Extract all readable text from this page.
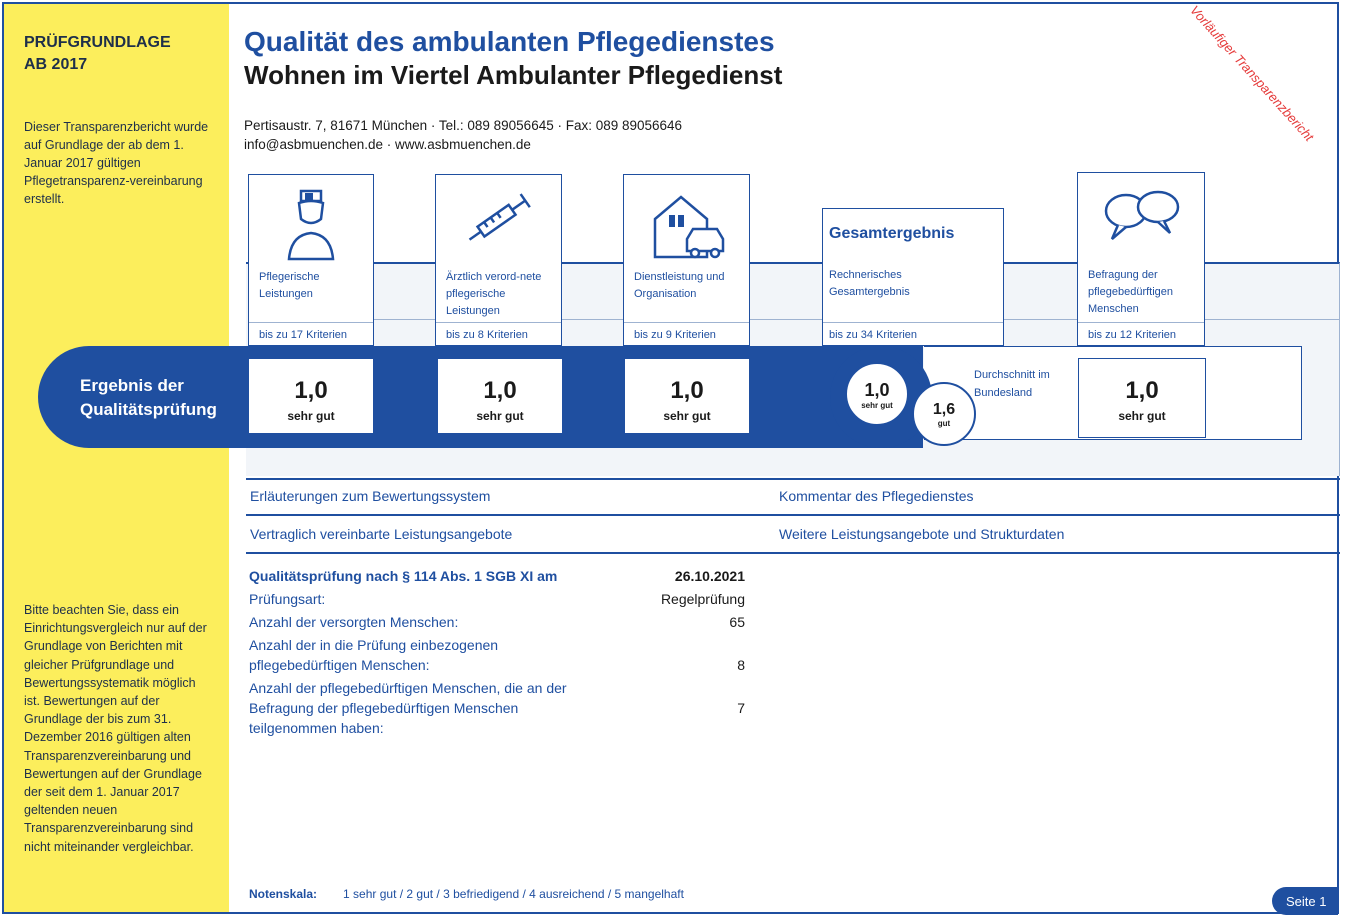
PRÜFGRUNDLAGE
AB 2017
Dieser Transparenzbericht wurde auf Grundlage der ab dem 1. Januar 2017 gültigen Pflegetransparenz-vereinbarung erstellt.
Bitte beachten Sie, dass ein Einrichtungsvergleich nur auf der Grundlage von Berichten mit gleicher Prüfgrundlage und Bewertungssystematik möglich ist. Bewertungen auf der Grundlage der bis zum 31. Dezember 2016 gültigen alten Transparenzvereinbarung und Bewertungen auf der Grundlage der seit dem 1. Januar 2017 geltenden neuen Transparenzvereinbarung sind nicht miteinander vergleichbar.
Qualität des ambulanten Pflegedienstes
Wohnen im Viertel Ambulanter Pflegedienst
Pertisaustr. 7, 81671 München · Tel.: 089 89056645 · Fax: 089 89056646
info@asbmuenchen.de · www.asbmuenchen.de
Vorläufiger Transparenzbericht
Pflegerische Leistungen
bis zu 17 Kriterien
Ärztlich verord-nete pflegerische Leistungen
bis zu 8 Kriterien
Dienstleistung und Organisation
bis zu 9 Kriterien
Gesamtergebnis
Rechnerisches Gesamtergebnis
bis zu 34 Kriterien
Befragung der pflegebedürftigen Menschen
bis zu 12 Kriterien
Ergebnis der Qualitätsprüfung
1,0
sehr gut
1,0
sehr gut
1,0
sehr gut
1,0
sehr gut	1,6
gut
Durchschnitt im Bundesland	1,0
sehr gut
Erläuterungen zum Bewertungssystem	Kommentar des Pflegedienstes
Vertraglich vereinbarte Leistungsangebote	Weitere Leistungsangebote und Strukturdaten
Qualitätsprüfung nach § 114 Abs. 1 SGB XI am	26.10.2021
Prüfungsart:	Regelprüfung
Anzahl der versorgten Menschen:	65
Anzahl der in die Prüfung einbezogenen pflegebedürftigen Menschen:	8
Anzahl der pflegebedürftigen Menschen, die an der Befragung der pflegebedürftigen Menschen teilgenommen haben:
7
Notenskala: 1 sehr gut / 2 gut / 3 befriedigend / 4 ausreichend / 5 mangelhaft	Seite 1
